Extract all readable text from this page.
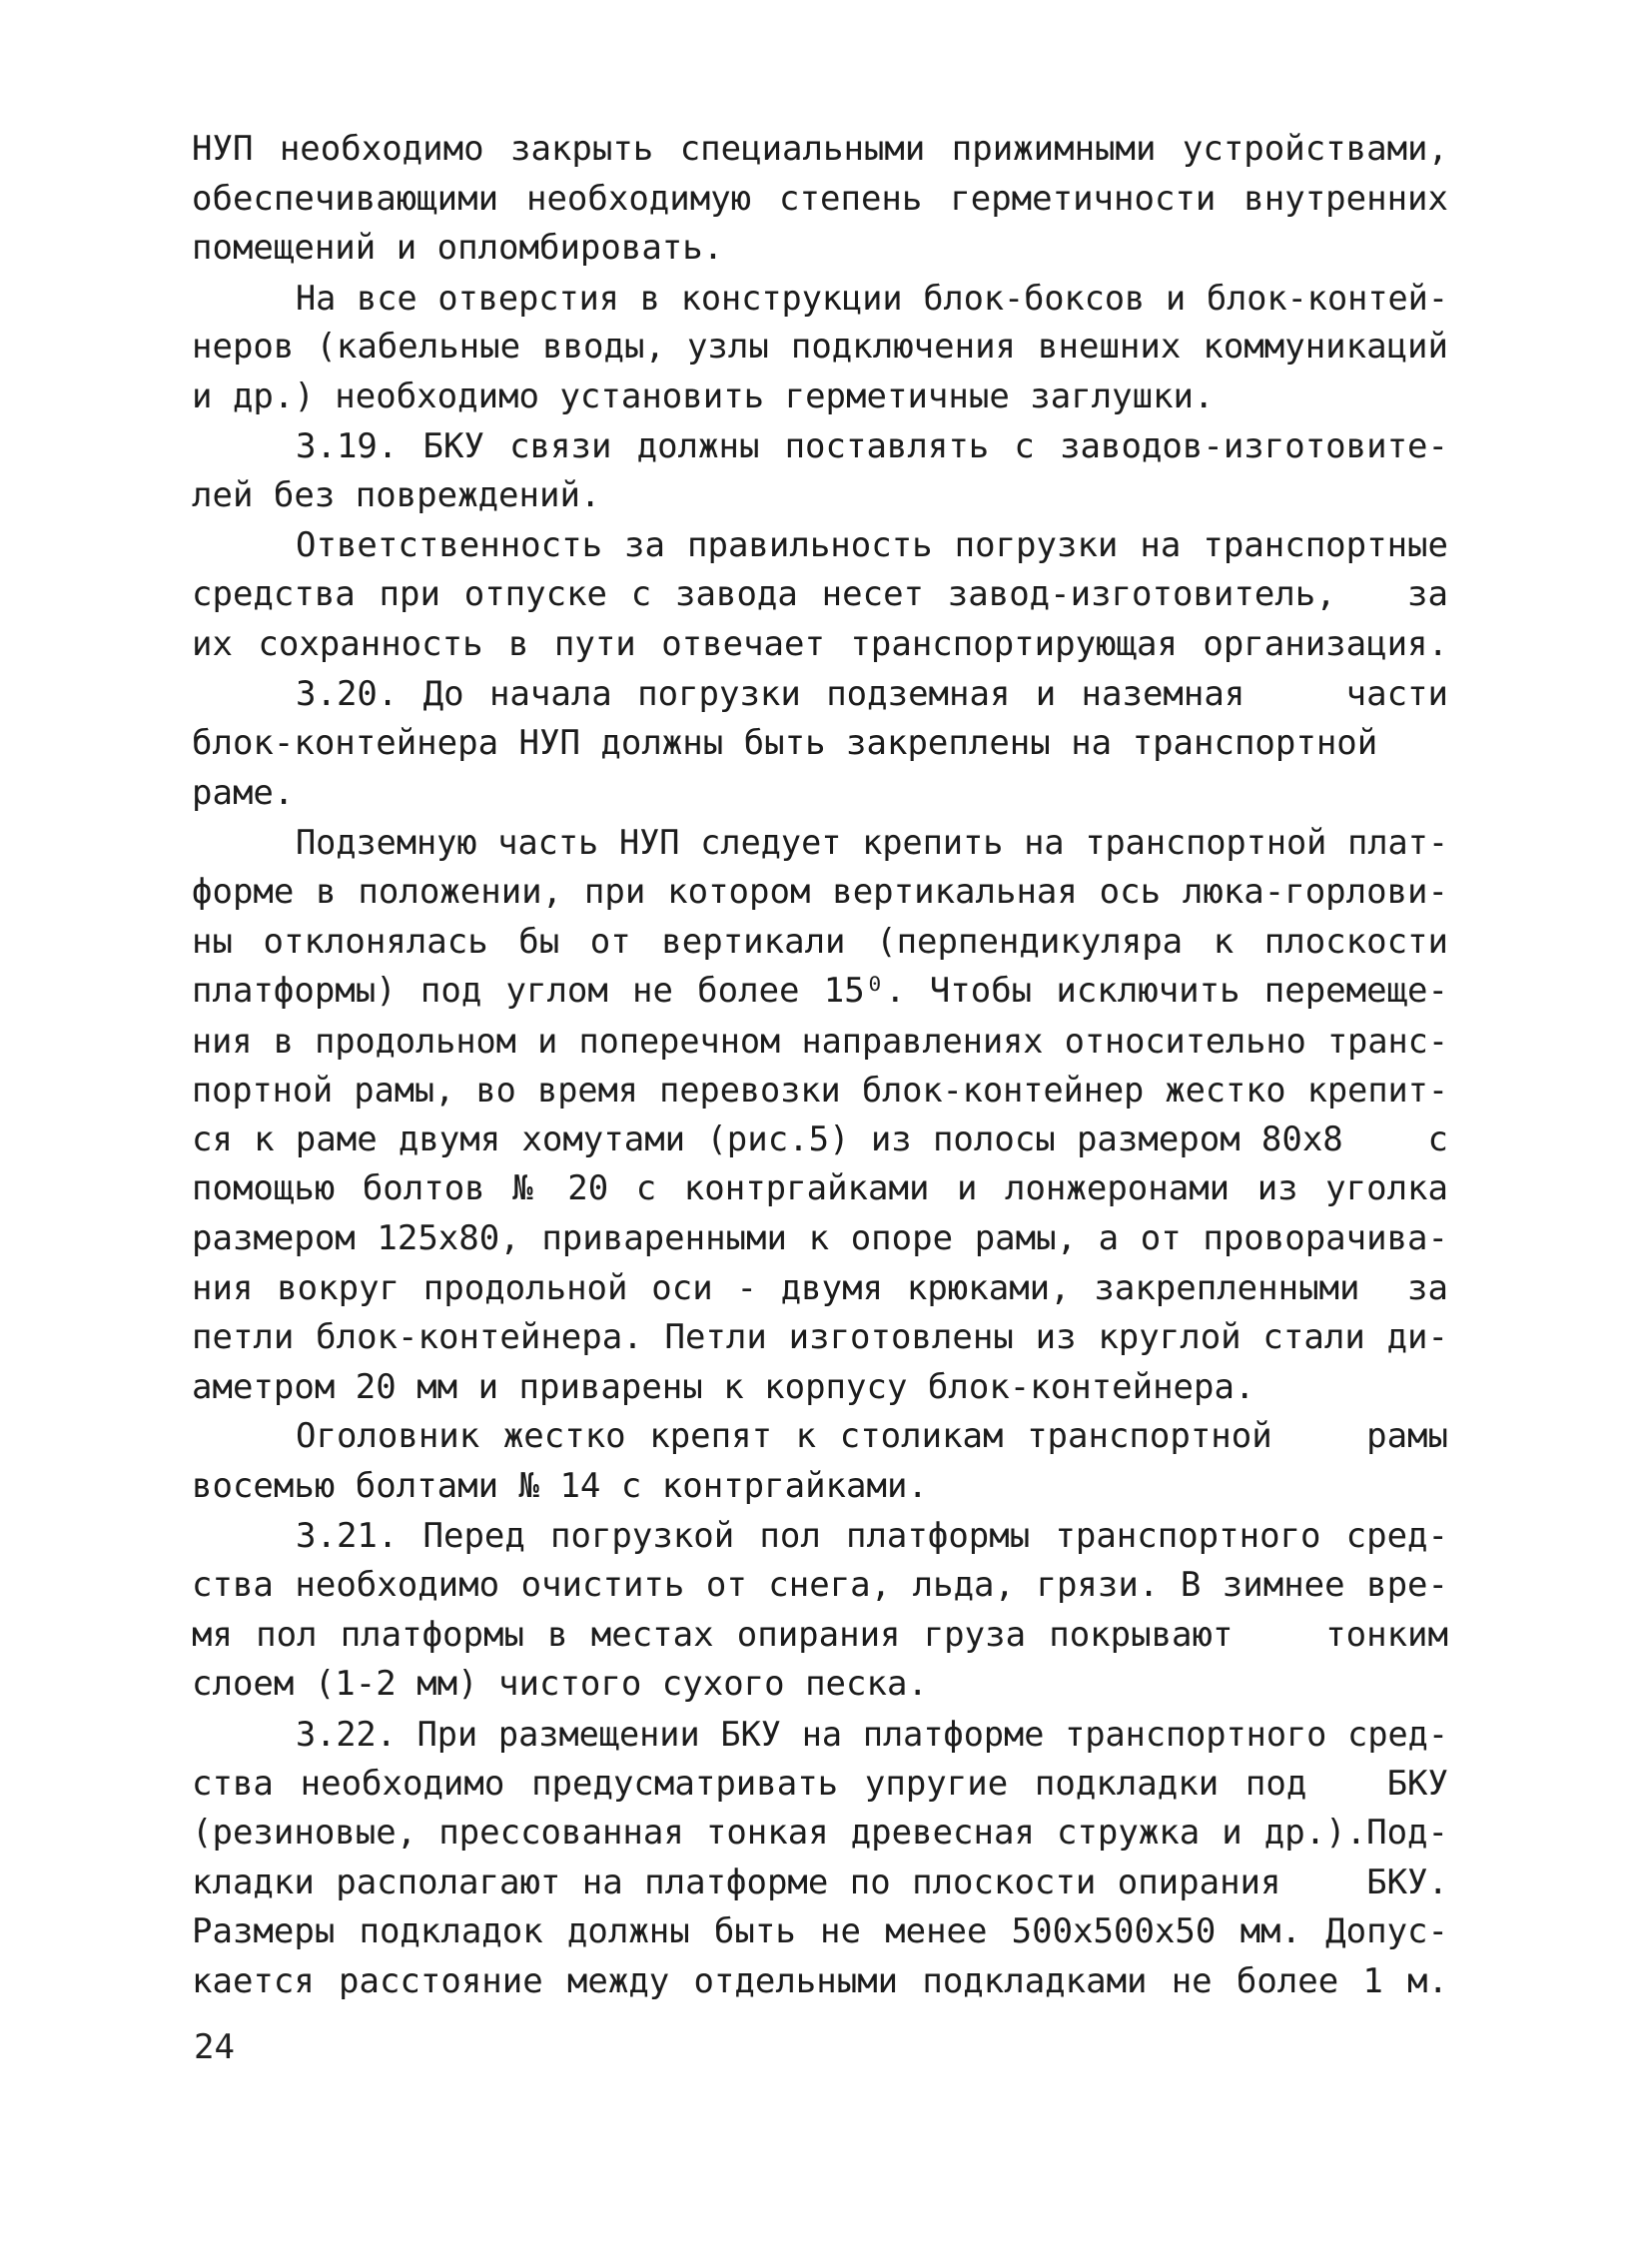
НУП необходимо закрыть специальными прижимными устройствами,
обеспечивающими необходимую степень герметичности внутренних
помещений и опломбировать.
На все отверстия в конструкции блок-боксов и блок-контей-
неров (кабельные вводы, узлы подключения внешних коммуникаций
и др.) необходимо установить герметичные заглушки.
3.19. БКУ связи должны поставлять с заводов-изготовите-
лей без повреждений.
Ответственность за правильность погрузки на транспортные
средства при отпуске с завода несет завод-изготовитель,   за
их сохранность в пути отвечает транспортирующая организация.
3.20. До начала погрузки подземная и наземная    части
блок-контейнера НУП должны быть закреплены на транспортной
раме.
Подземную часть НУП следует крепить на транспортной плат-
форме в положении, при котором вертикальная ось люка-горлови-
ны отклонялась бы от вертикали (перпендикуляра к плоскости
платформы) под углом не более 15⁰. Чтобы исключить перемеще-
ния в продольном и поперечном направлениях относительно транс-
портной рамы, во время перевозки блок-контейнер жестко крепит-
ся к раме двумя хомутами (рис.5) из полосы размером 80х8    с
помощью болтов № 20 с контргайками и лонжеронами из уголка
размером 125х80, приваренными к опоре рамы, а от проворачива-
ния вокруг продольной оси - двумя крюками, закрепленными  за
петли блок-контейнера. Петли изготовлены из круглой стали ди-
аметром 20 мм и приварены к корпусу блок-контейнера.
Оголовник жестко крепят к столикам транспортной    рамы
восемью болтами № 14 с контргайками.
3.21. Перед погрузкой пол платформы транспортного сред-
ства необходимо очистить от снега, льда, грязи. В зимнее вре-
мя пол платформы в местах опирания груза покрывают    тонким
слоем (1-2 мм) чистого сухого песка.
3.22. При размещении БКУ на платформе транспортного сред-
ства необходимо предусматривать упругие подкладки под   БКУ
(резиновые, прессованная тонкая древесная стружка и др.).Под-
кладки располагают на платформе по плоскости опирания    БКУ.
Размеры подкладок должны быть не менее 500х500х50 мм. Допус-
кается расстояние между отдельными подкладками не более 1 м.
24
